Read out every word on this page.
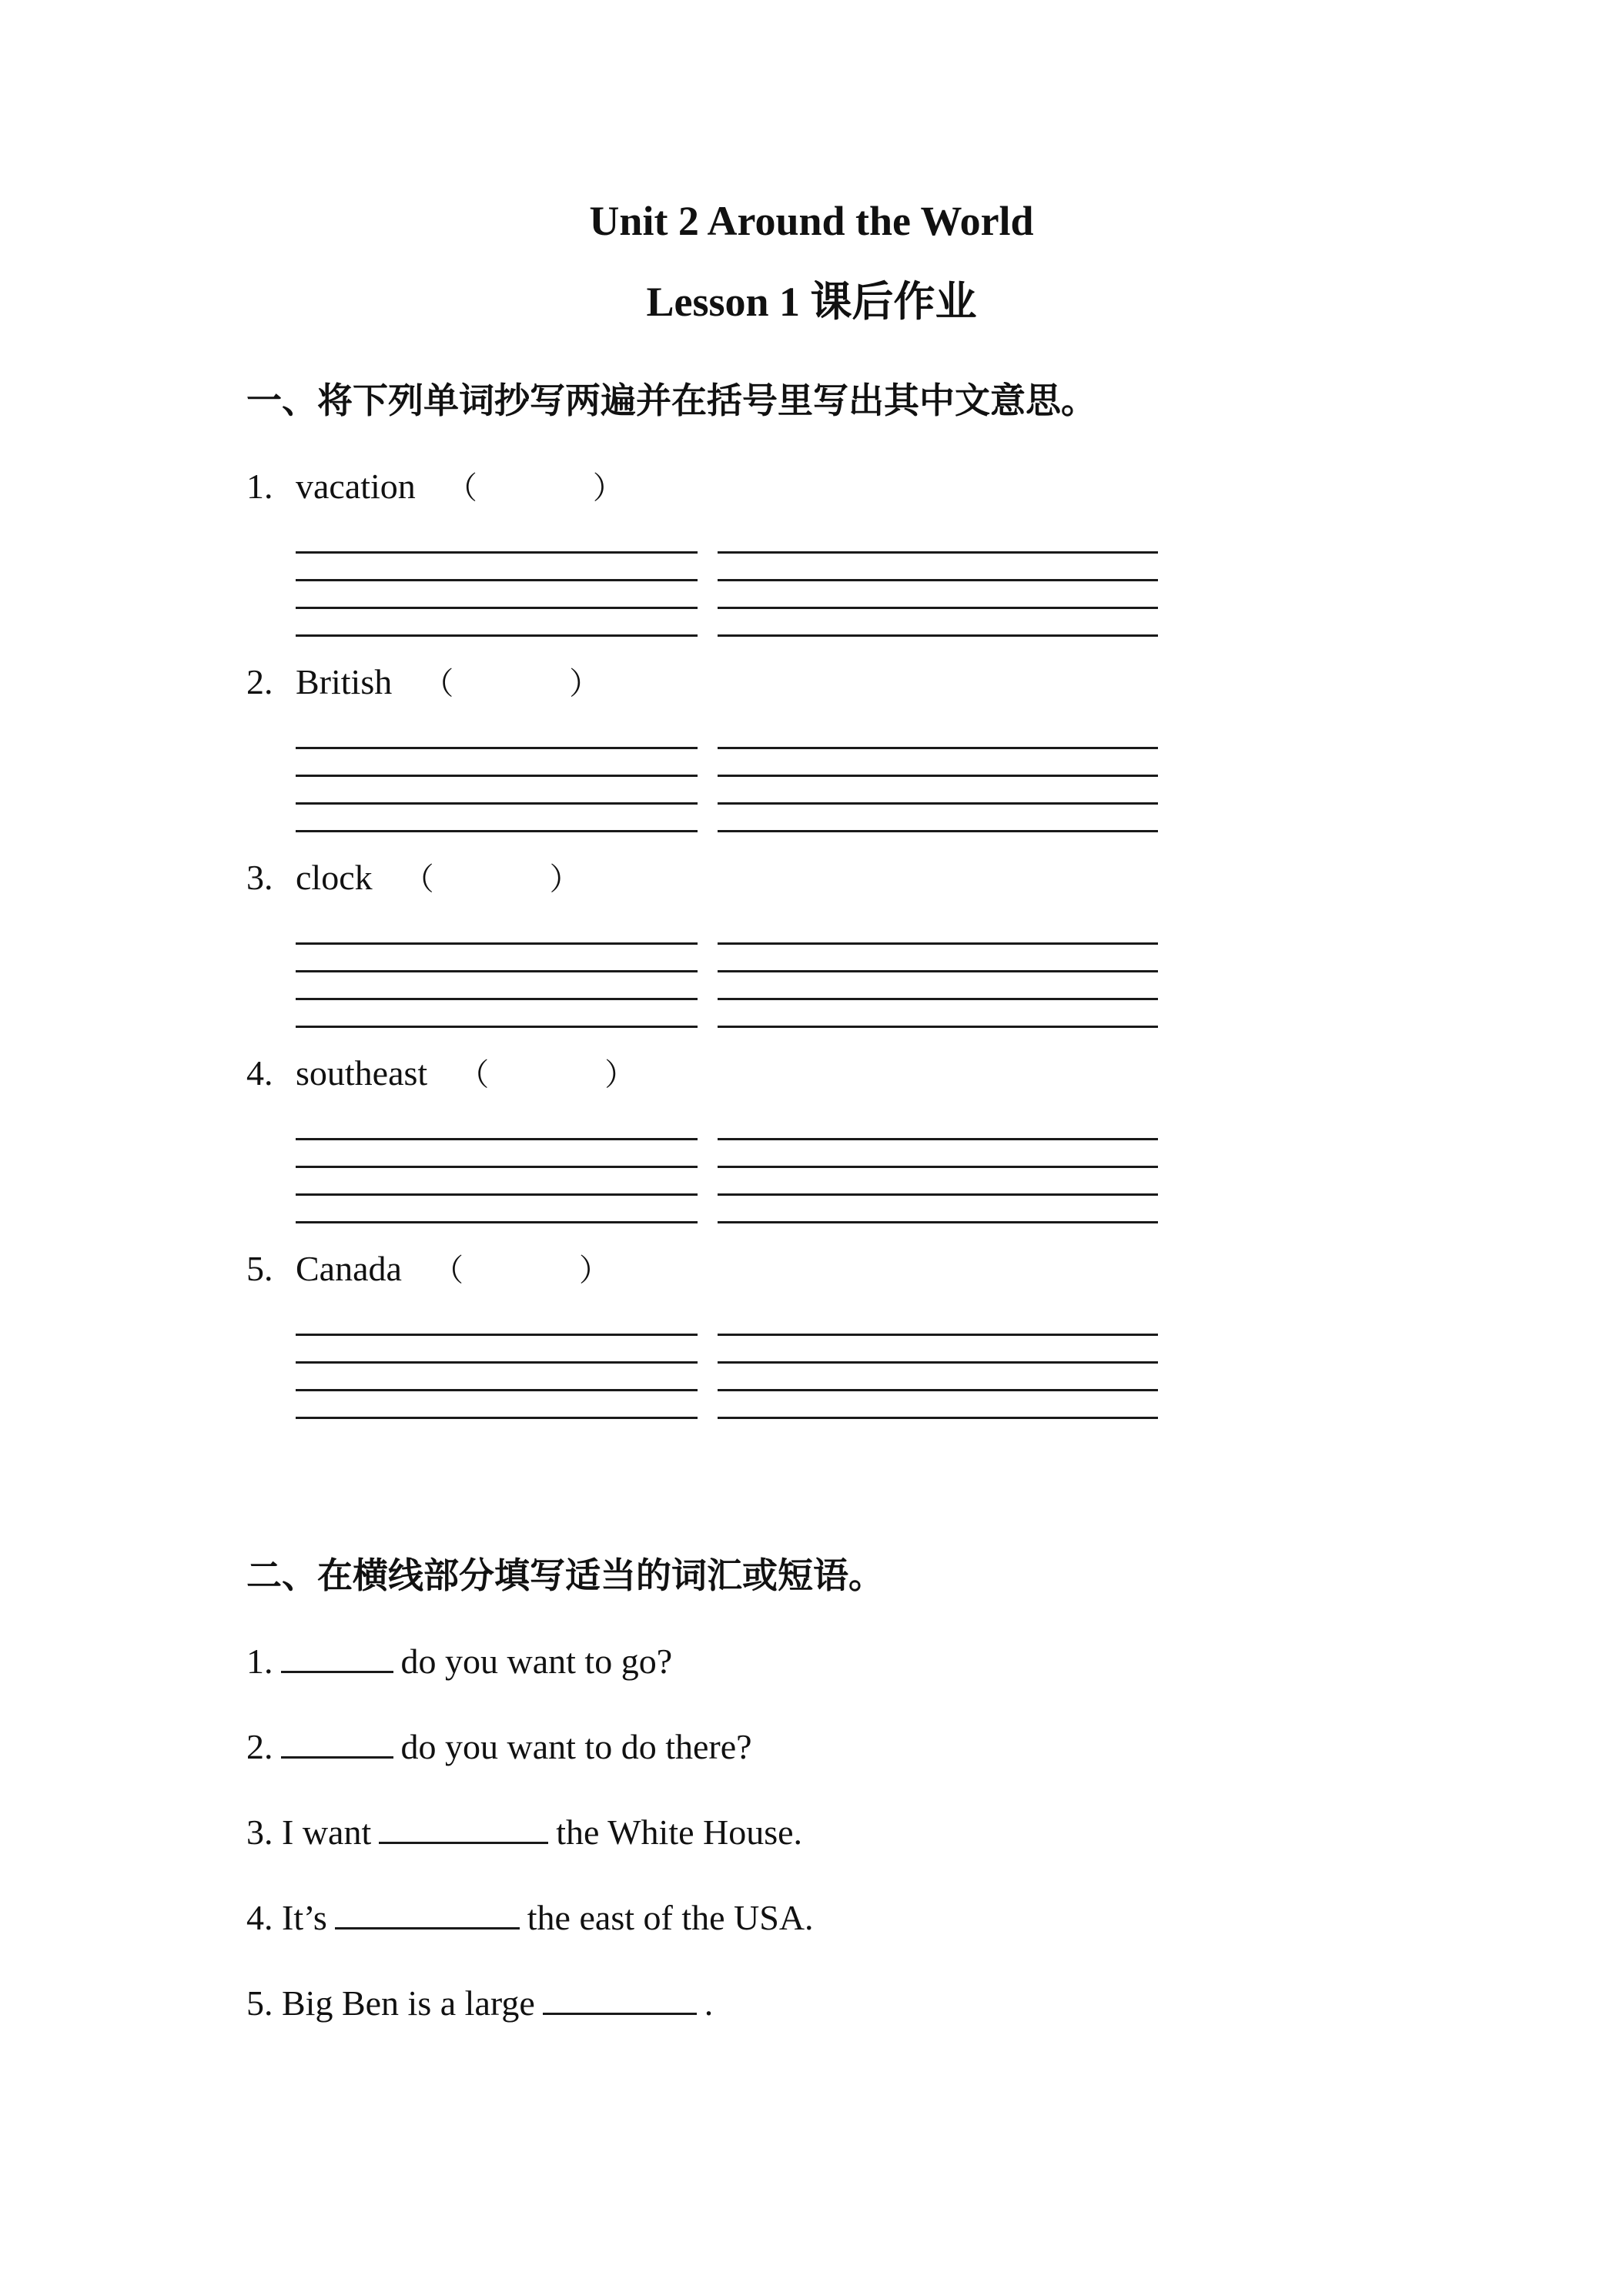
Unit 2 Around the World
Lesson 1 课后作业

一、将下列单词抄写两遍并在括号里写出其中文意思。

1. vacation （	）
2. British （	）
3. clock （	）
4. southeast （	）
5. Canada （	）

二、在横线部分填写适当的词汇或短语。

1.	do you want to go?
2.	do you want to do there?
3. I want	the White House.
4. It’s	the east of the USA.
5. Big Ben is a large	.
